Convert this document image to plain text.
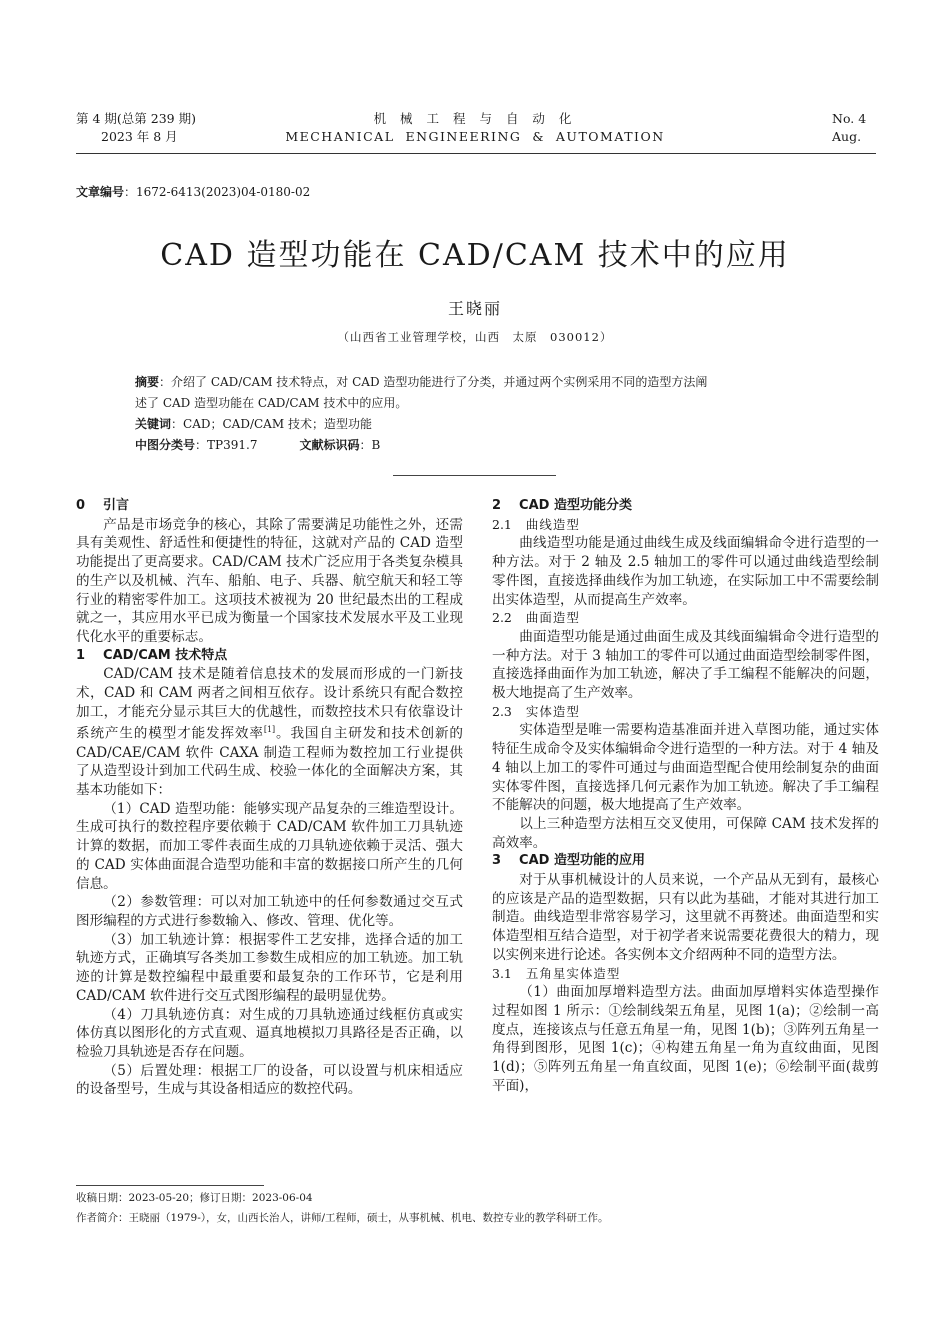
第 4 期(总第 239 期)
2023 年 8 月
机 械 工 程 与 自 动 化
MECHANICAL  ENGINEERING  &  AUTOMATION
No. 4
Aug.
文章编号：1672-6413(2023)04-0180-02
CAD 造型功能在 CAD/CAM 技术中的应用
王晓丽
（山西省工业管理学校，山西　太原　030012）

摘要：介绍了 CAD/CAM 技术特点，对 CAD 造型功能进行了分类，并通过两个实例采用不同的造型方法阐

述了 CAD 造型功能在 CAD/CAM 技术中的应用。

关键词：CAD；CAD/CAM 技术；造型功能

中图分类号：TP391.7	文献标识码：B

0 引言

产品是市场竞争的核心，其除了需要满足功能性之外，还需具有美观性、舒适性和便捷性的特征，这就对产品的 CAD 造型功能提出了更高要求。CAD/CAM 技术广泛应用于各类复杂模具的生产以及机械、汽车、船舶、电子、兵器、航空航天和轻工等行业的精密零件加工。这项技术被视为 20 世纪最杰出的工程成就之一，其应用水平已成为衡量一个国家技术发展水平及工业现代化水平的重要标志。

1 CAD/CAM 技术特点

CAD/CAM 技术是随着信息技术的发展而形成的一门新技术，CAD 和 CAM 两者之间相互依存。设计系统只有配合数控加工，才能充分显示其巨大的优越性，而数控技术只有依靠设计系统产生的模型才能发挥效率[1]。我国自主研发和技术创新的 CAD/CAE/CAM 软件 CAXA 制造工程师为数控加工行业提供了从造型设计到加工代码生成、校验一体化的全面解决方案，其基本功能如下：

（1）CAD 造型功能：能够实现产品复杂的三维造型设计。生成可执行的数控程序要依赖于 CAD/CAM 软件加工刀具轨迹计算的数据，而加工零件表面生成的刀具轨迹依赖于灵活、强大的 CAD 实体曲面混合造型功能和丰富的数据接口所产生的几何信息。

（2）参数管理：可以对加工轨迹中的任何参数通过交互式图形编程的方式进行参数输入、修改、管理、优化等。

（3）加工轨迹计算：根据零件工艺安排，选择合适的加工轨迹方式，正确填写各类加工参数生成相应的加工轨迹。加工轨迹的计算是数控编程中最重要和最复杂的工作环节，它是利用 CAD/CAM 软件进行交互式图形编程的最明显优势。

（4）刀具轨迹仿真：对生成的刀具轨迹通过线框仿真或实体仿真以图形化的方式直观、逼真地模拟刀具路径是否正确，以检验刀具轨迹是否存在问题。

（5）后置处理：根据工厂的设备，可以设置与机床相适应的设备型号，生成与其设备相适应的数控代码。

2 CAD 造型功能分类
2.1 曲线造型

曲线造型功能是通过曲线生成及线面编辑命令进行造型的一种方法。对于 2 轴及 2.5 轴加工的零件可以通过曲线造型绘制零件图，直接选择曲线作为加工轨迹，在实际加工中不需要绘制出实体造型，从而提高生产效率。

2.2 曲面造型

曲面造型功能是通过曲面生成及其线面编辑命令进行造型的一种方法。对于 3 轴加工的零件可以通过曲面造型绘制零件图，直接选择曲面作为加工轨迹，解决了手工编程不能解决的问题，极大地提高了生产效率。

2.3 实体造型

实体造型是唯一需要构造基准面并进入草图功能，通过实体特征生成命令及实体编辑命令进行造型的一种方法。对于 4 轴及 4 轴以上加工的零件可通过与曲面造型配合使用绘制复杂的曲面实体零件图，直接选择几何元素作为加工轨迹。解决了手工编程不能解决的问题，极大地提高了生产效率。

以上三种造型方法相互交叉使用，可保障 CAM 技术发挥的高效率。

3 CAD 造型功能的应用

对于从事机械设计的人员来说，一个产品从无到有，最核心的应该是产品的造型数据，只有以此为基础，才能对其进行加工制造。曲线造型非常容易学习，这里就不再赘述。曲面造型和实体造型相互结合造型，对于初学者来说需要花费很大的精力，现以实例来进行论述。各实例本文介绍两种不同的造型方法。

3.1 五角星实体造型

（1）曲面加厚增料造型方法。曲面加厚增料实体造型操作过程如图 1 所示：①绘制线架五角星，见图 1(a)；②绘制一高度点，连接该点与任意五角星一角，见图 1(b)；③阵列五角星一角得到图形，见图 1(c)；④构建五角星一角为直纹曲面，见图 1(d)；⑤阵列五角星一角直纹面，见图 1(e)；⑥绘制平面(裁剪平面)，

收稿日期：2023-05-20；修订日期：2023-06-04
作者简介：王晓丽（1979-），女，山西长治人，讲师/工程师，硕士，从事机械、机电、数控专业的教学科研工作。
